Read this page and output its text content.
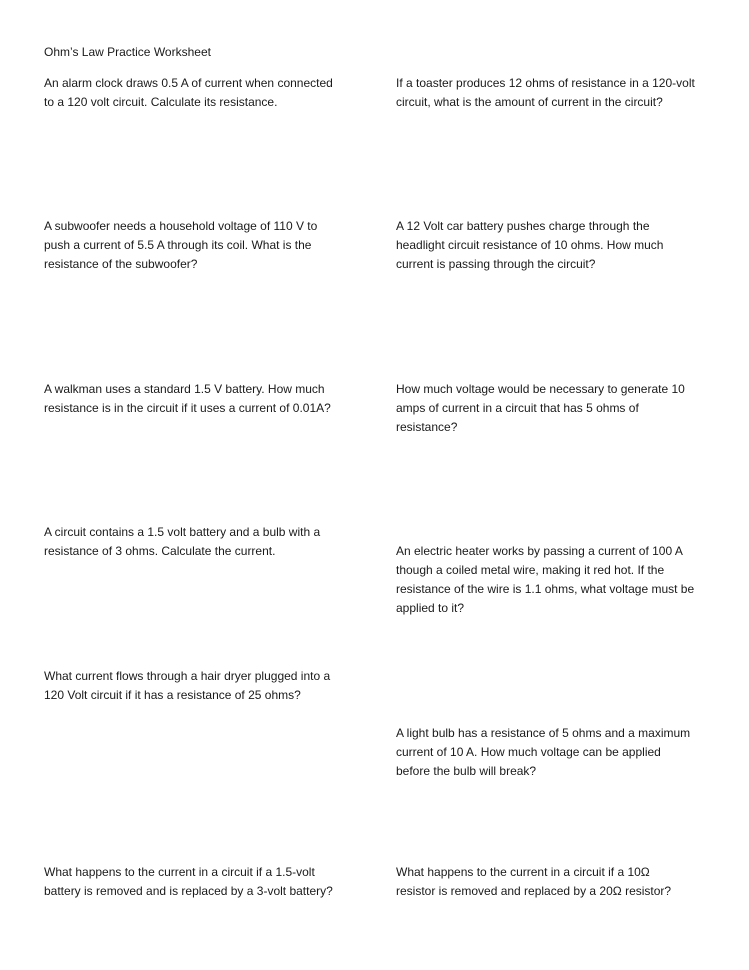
Ohm’s Law Practice Worksheet
An alarm clock draws 0.5 A of current when connected
to a 120 volt circuit. Calculate its resistance.
If a toaster produces 12 ohms of resistance in a 120-volt
circuit, what is the amount of current in the circuit?
A subwoofer needs a household voltage of 110 V to
push a current of 5.5 A through its coil. What is the
resistance of the subwoofer?
A 12 Volt car battery pushes charge through the
headlight circuit resistance of 10 ohms. How much
current is passing through the circuit?
A walkman uses a standard 1.5 V battery. How much
resistance is in the circuit if it uses a current of 0.01A?
How much voltage would be necessary to generate 10
amps of current in a circuit that has 5 ohms of
resistance?
A circuit contains a 1.5 volt battery and a bulb with a
resistance of 3 ohms. Calculate the current.	An electric heater works by passing a current of 100 A
though a coiled metal wire, making it red hot. If the
resistance of the wire is 1.1 ohms, what voltage must be
applied to it?
What current flows through a hair dryer plugged into a
120 Volt circuit if it has a resistance of 25 ohms?
A light bulb has a resistance of 5 ohms and a maximum
current of 10 A. How much voltage can be applied
before the bulb will break?
What happens to the current in a circuit if a 1.5-volt
battery is removed and is replaced by a 3-volt battery?
What happens to the current in a circuit if a 10Ω
resistor is removed and replaced by a 20Ω resistor?
